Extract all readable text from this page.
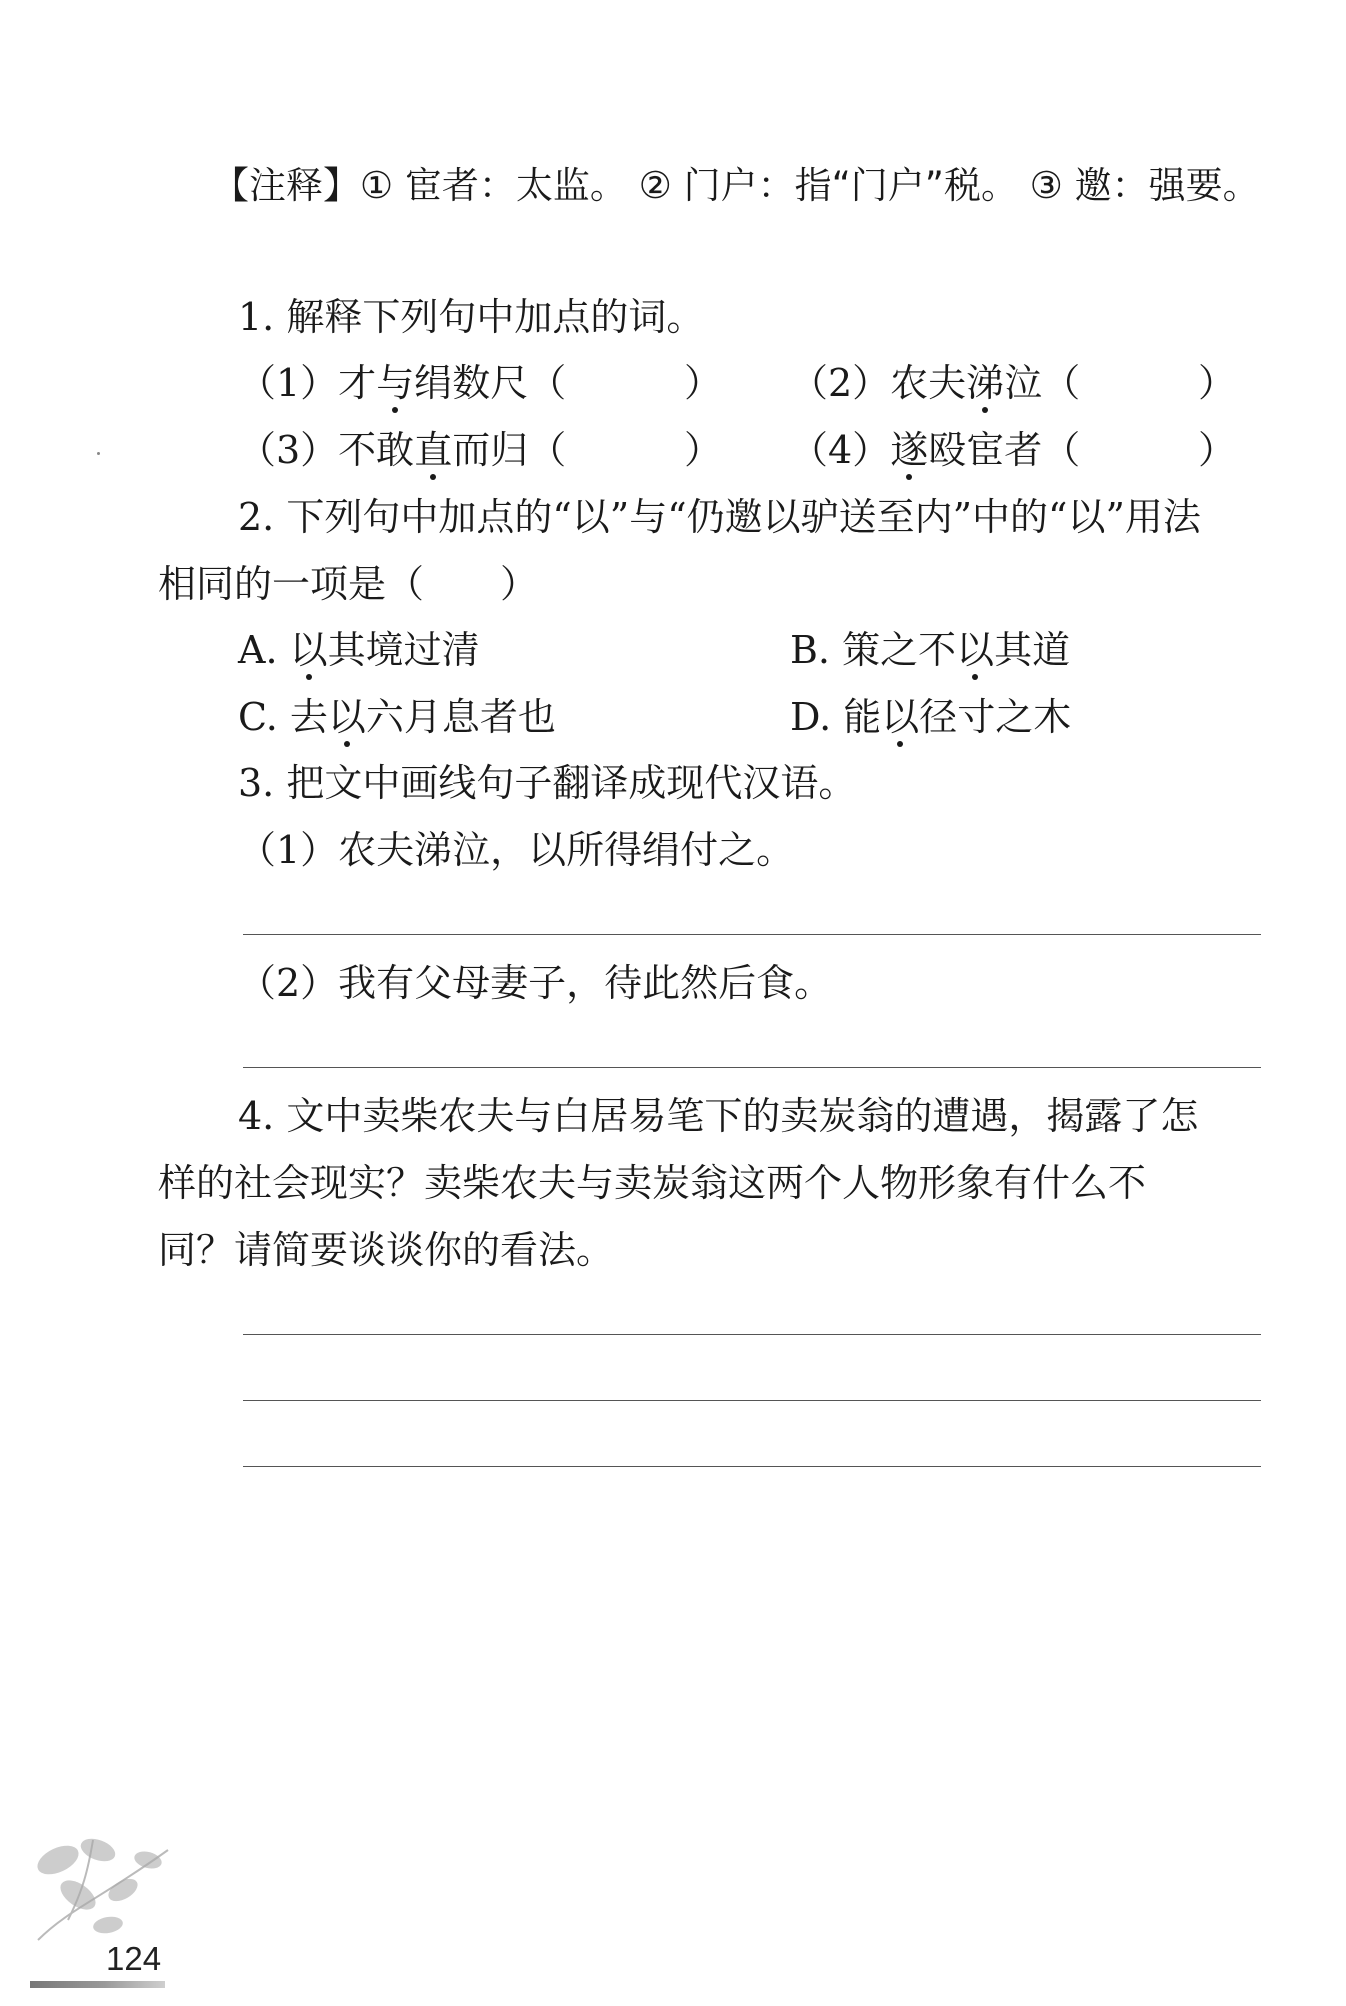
【注释】① 宦者：太监。 ② 门户：指“门户”税。 ③ 邀：强要。
1. 解释下列句中加点的词。
（1）才与绢数尺（	） （2）农夫涕泣（	）
（3）不敢直而归（	） （4）遂殴宦者（	）
2. 下列句中加点的“以”与“仍邀以驴送至内”中的“以”用法
相同的一项是（　　）
A. 以其境过清	B. 策之不以其道
C. 去以六月息者也	D. 能以径寸之木
3. 把文中画线句子翻译成现代汉语。
（1）农夫涕泣，以所得绢付之。
（2）我有父母妻子，待此然后食。
4. 文中卖柴农夫与白居易笔下的卖炭翁的遭遇，揭露了怎
样的社会现实？卖柴农夫与卖炭翁这两个人物形象有什么不
同？请简要谈谈你的看法。
124
